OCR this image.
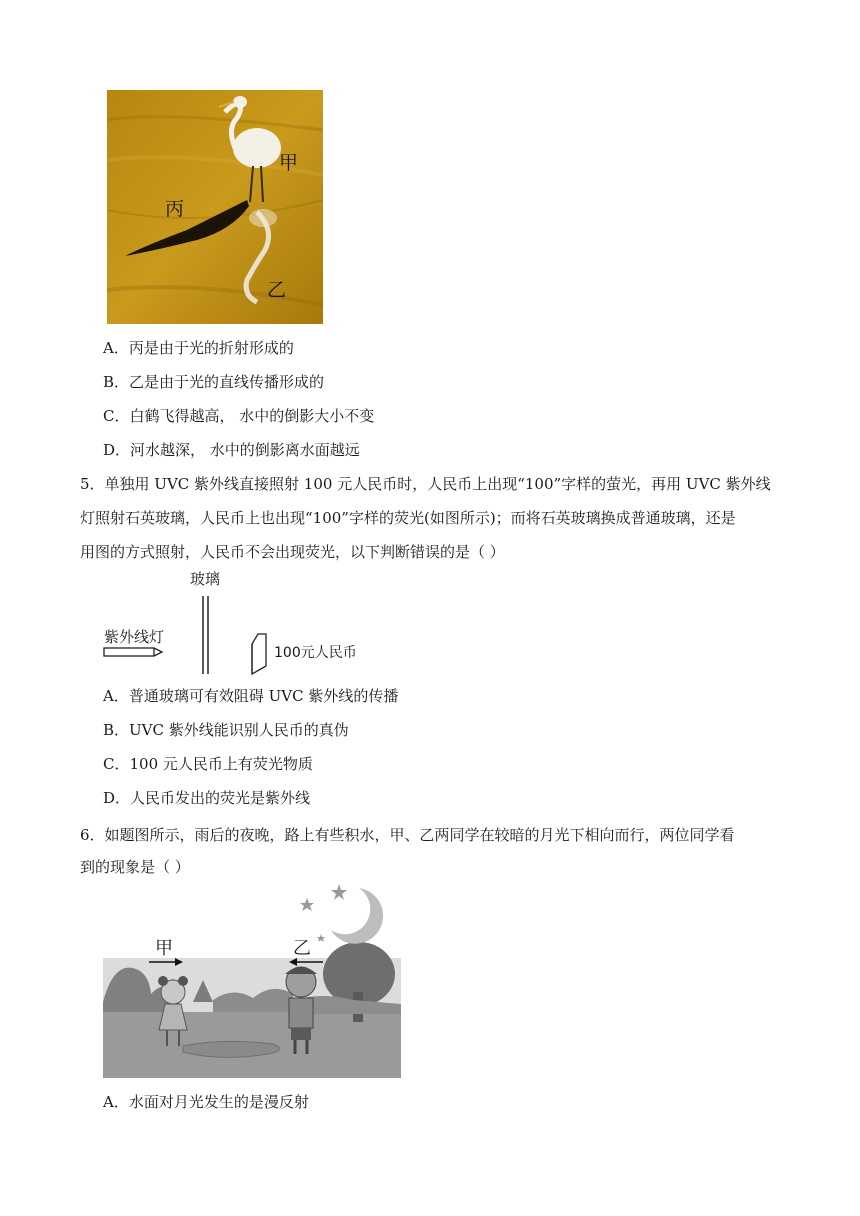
甲
丙
乙
A．丙是由于光的折射形成的
B．乙是由于光的直线传播形成的
C．白鹤飞得越高， 水中的倒影大小不变
D．河水越深， 水中的倒影离水面越远
5．单独用 UVC 紫外线直接照射 100 元人民币时，人民币上出现“100”字样的萤光，再用 UVC 紫外线
灯照射石英玻璃，人民币上也出现“100”字样的荧光(如图所示)；而将石英玻璃换成普通玻璃，还是
用图的方式照射，人民币不会出现荧光，以下判断错误的是（ ）
玻璃
紫外线灯
100元人民币
A．普通玻璃可有效阻碍 UVC 紫外线的传播
B．UVC 紫外线能识别人民币的真伪
C．100 元人民币上有荧光物质
D．人民币发出的荧光是紫外线
6．如题图所示，雨后的夜晚，路上有些积水，甲、乙两同学在较暗的月光下相向而行，两位同学看
到的现象是（ ）
甲	乙
A．水面对月光发生的是漫反射
